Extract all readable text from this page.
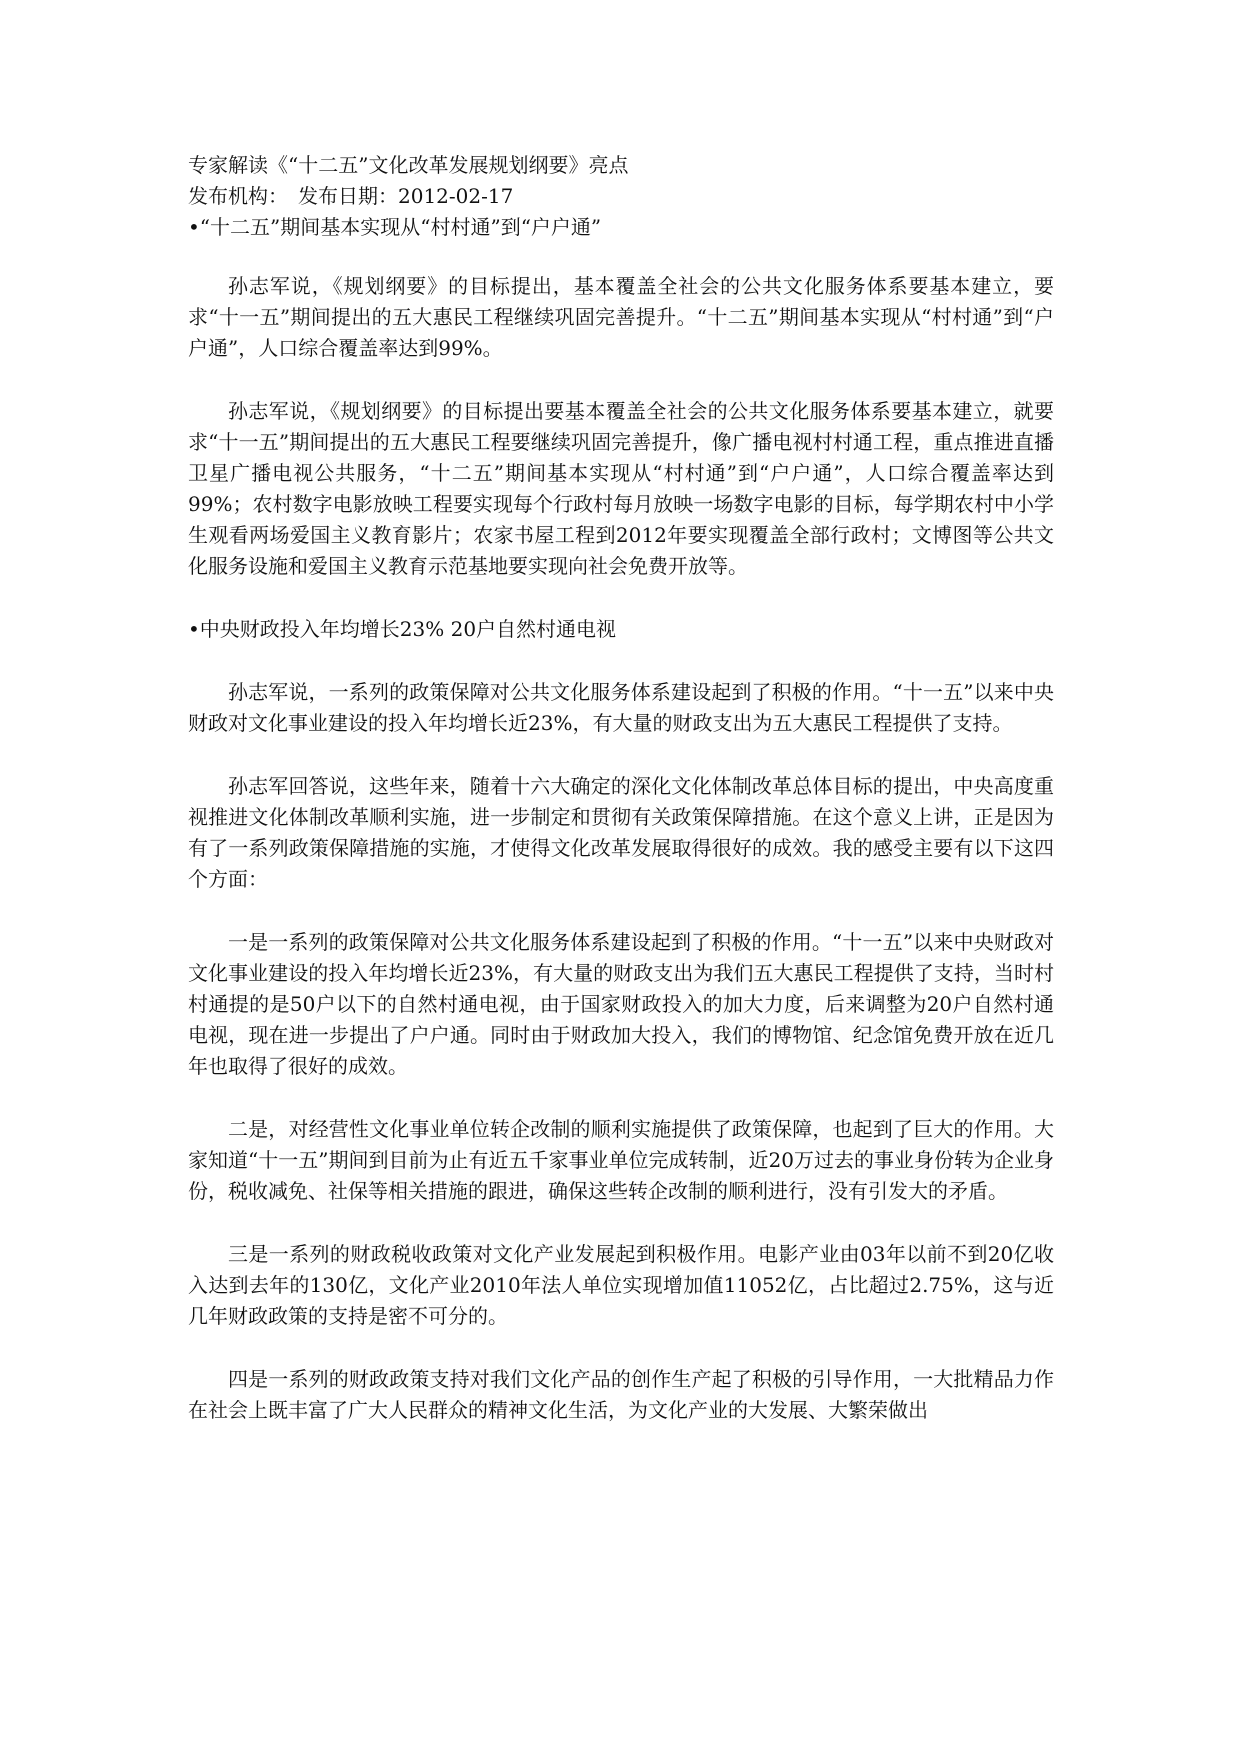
专家解读《“十二五”文化改革发展规划纲要》亮点

发布机构：　发布日期：2012-02-17

•“十二五”期间基本实现从“村村通”到“户户通”

孙志军说，《规划纲要》的目标提出，基本覆盖全社会的公共文化服务体系要基本建立，要求“十一五”期间提出的五大惠民工程继续巩固完善提升。“十二五”期间基本实现从“村村通”到“户户通”，人口综合覆盖率达到99%。

孙志军说，《规划纲要》的目标提出要基本覆盖全社会的公共文化服务体系要基本建立，就要求“十一五”期间提出的五大惠民工程要继续巩固完善提升，像广播电视村村通工程，重点推进直播卫星广播电视公共服务，“十二五”期间基本实现从“村村通”到“户户通”，人口综合覆盖率达到99%；农村数字电影放映工程要实现每个行政村每月放映一场数字电影的目标，每学期农村中小学生观看两场爱国主义教育影片；农家书屋工程到2012年要实现覆盖全部行政村；文博图等公共文化服务设施和爱国主义教育示范基地要实现向社会免费开放等。

•中央财政投入年均增长23% 20户自然村通电视

孙志军说，一系列的政策保障对公共文化服务体系建设起到了积极的作用。“十一五”以来中央财政对文化事业建设的投入年均增长近23%，有大量的财政支出为五大惠民工程提供了支持。

孙志军回答说，这些年来，随着十六大确定的深化文化体制改革总体目标的提出，中央高度重视推进文化体制改革顺利实施，进一步制定和贯彻有关政策保障措施。在这个意义上讲，正是因为有了一系列政策保障措施的实施，才使得文化改革发展取得很好的成效。我的感受主要有以下这四个方面：

一是一系列的政策保障对公共文化服务体系建设起到了积极的作用。“十一五”以来中央财政对文化事业建设的投入年均增长近23%，有大量的财政支出为我们五大惠民工程提供了支持，当时村村通提的是50户以下的自然村通电视，由于国家财政投入的加大力度，后来调整为20户自然村通电视，现在进一步提出了户户通。同时由于财政加大投入，我们的博物馆、纪念馆免费开放在近几年也取得了很好的成效。

二是，对经营性文化事业单位转企改制的顺利实施提供了政策保障，也起到了巨大的作用。大家知道“十一五”期间到目前为止有近五千家事业单位完成转制，近20万过去的事业身份转为企业身份，税收减免、社保等相关措施的跟进，确保这些转企改制的顺利进行，没有引发大的矛盾。

三是一系列的财政税收政策对文化产业发展起到积极作用。电影产业由03年以前不到20亿收入达到去年的130亿，文化产业2010年法人单位实现增加值11052亿，占比超过2.75%，这与近几年财政政策的支持是密不可分的。

四是一系列的财政政策支持对我们文化产品的创作生产起了积极的引导作用，一大批精品力作在社会上既丰富了广大人民群众的精神文化生活，为文化产业的大发展、大繁荣做出
